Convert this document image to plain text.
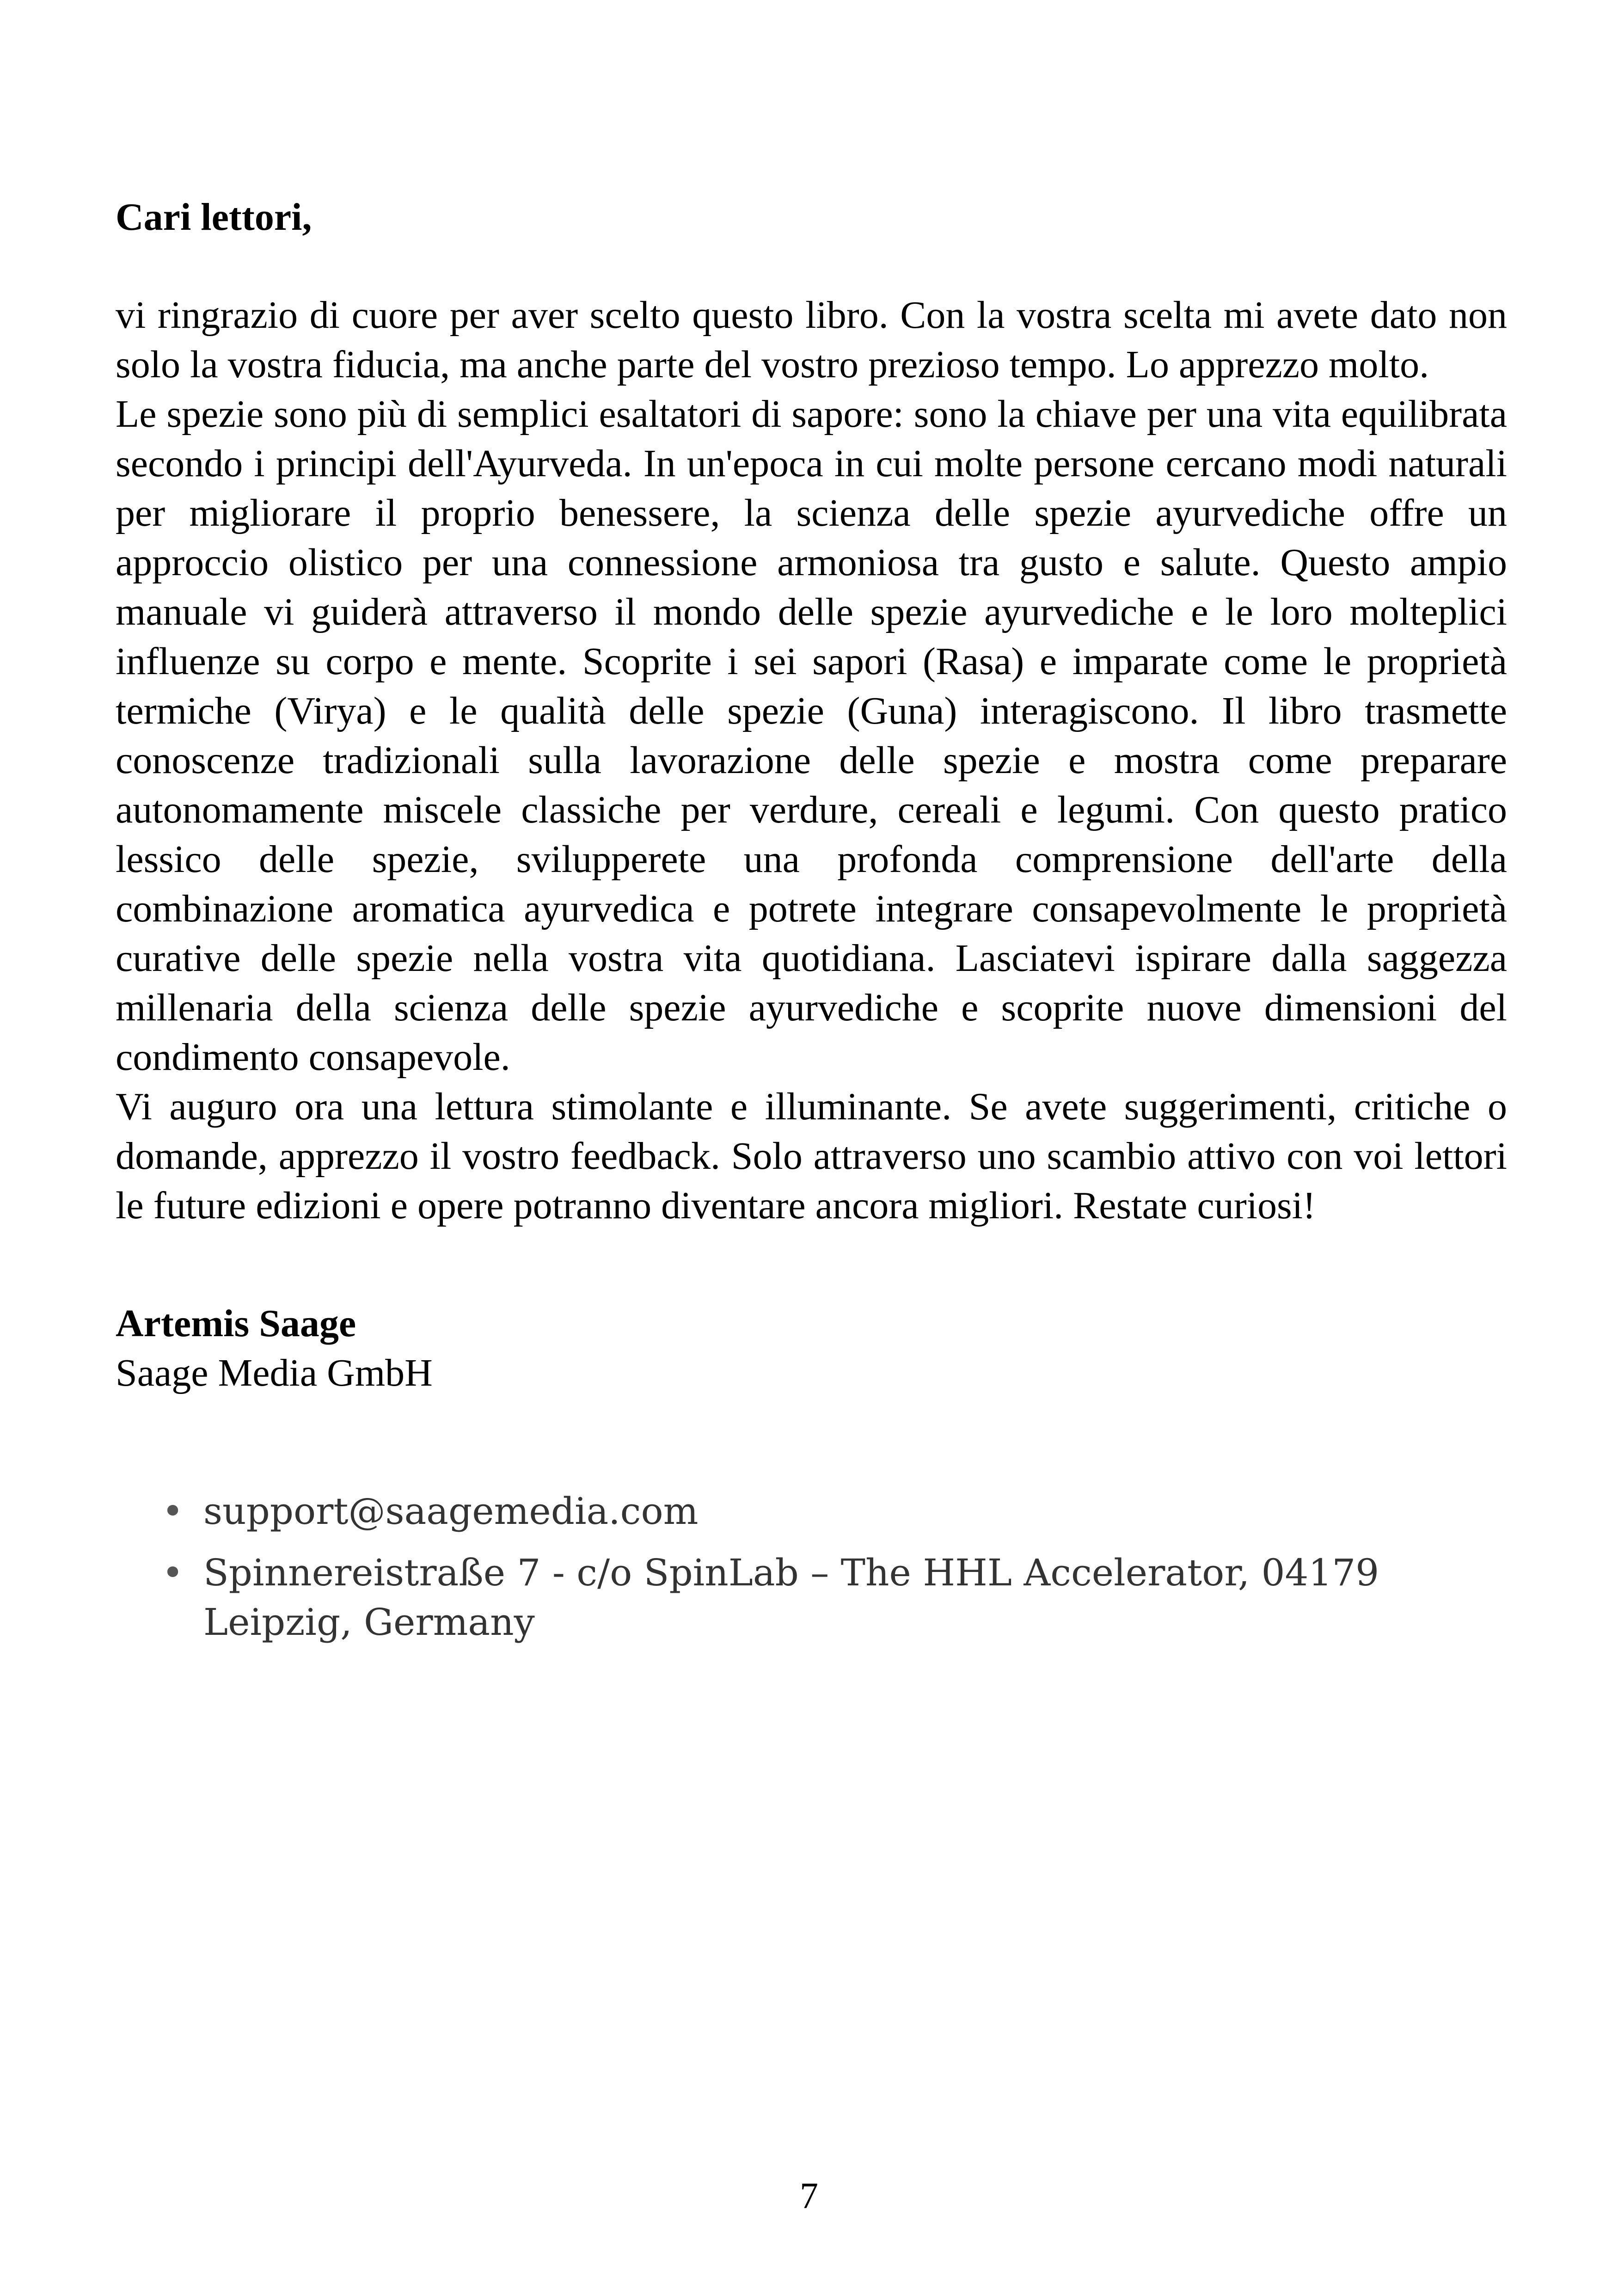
Cari lettori,

vi ringrazio di cuore per aver scelto questo libro. Con la vostra scelta mi avete dato non solo la vostra fiducia, ma anche parte del vostro prezioso tempo. Lo apprezzo molto.

Le spezie sono più di semplici esaltatori di sapore: sono la chiave per una vita equilibrata secondo i principi dell'Ayurveda. In un'epoca in cui molte persone cercano modi naturali per migliorare il proprio benessere, la scienza delle spezie ayurvediche offre un approccio olistico per una connessione armoniosa tra gusto e salute. Questo ampio manuale vi guiderà attraverso il mondo delle spezie ayurvediche e le loro molteplici influenze su corpo e mente. Scoprite i sei sapori (Rasa) e imparate come le proprietà termiche (Virya) e le qualità delle spezie (Guna) interagiscono. Il libro trasmette conoscenze tradizionali sulla lavorazione delle spezie e mostra come preparare autonomamente miscele classiche per verdure, cereali e legumi. Con questo pratico lessico delle spezie, svilupperete una profonda comprensione dell'arte della combinazione aromatica ayurvedica e potrete integrare consapevolmente le proprietà curative delle spezie nella vostra vita quotidiana. Lasciatevi ispirare dalla saggezza millenaria della scienza delle spezie ayurvediche e scoprite nuove dimensioni del condimento consapevole.

Vi auguro ora una lettura stimolante e illuminante. Se avete suggerimenti, critiche o domande, apprezzo il vostro feedback. Solo attraverso uno scambio attivo con voi lettori le future edizioni e opere potranno diventare ancora migliori. Restate curiosi!

Artemis Saage
Saage Media GmbH
• support@saagemedia.com
• Spinnereistraße 7 - c/o SpinLab – The HHL Accelerator, 04179 Leipzig, Germany
7
